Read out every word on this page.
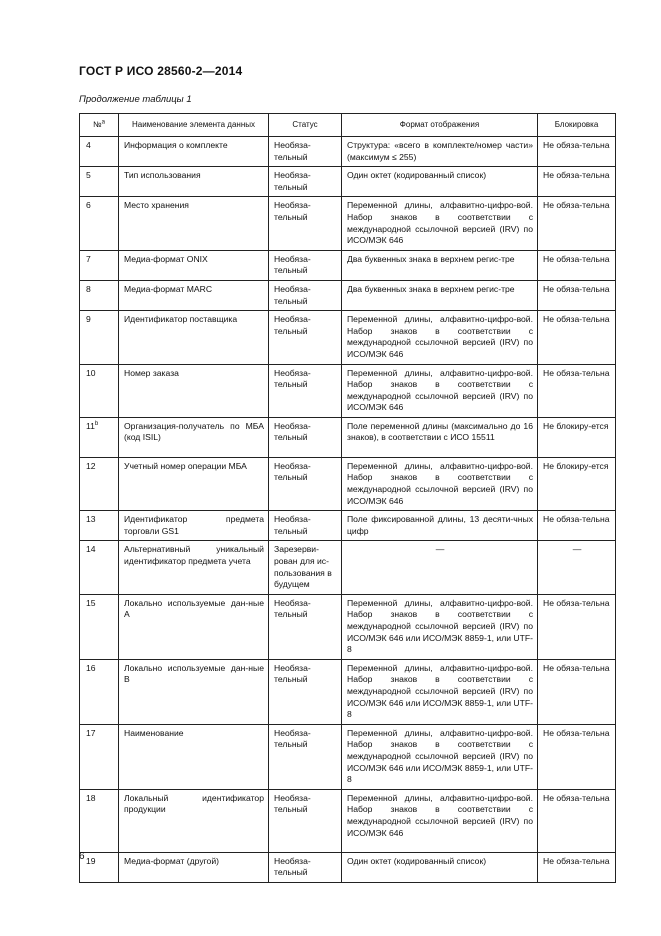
ГОСТ Р ИСО 28560-2—2014
Продолжение таблицы 1
№$^a$	Наименование элемента данных	Статус	Формат отображения	Блокировка
4	Информация о комплекте	Необяза-тельный	Структура: «всего в комплекте/номер части» (максимум ≤ 255)	Не обяза-тельна
5	Тип использования	Необяза-тельный	Один октет (кодированный список)	Не обяза-тельна
6	Место хранения	Необяза-тельный	Переменной длины, алфавитно-цифро-вой. Набор знаков в соответствии с международной ссылочной версией (IRV) по ИСО/МЭК 646	Не обяза-тельна
7	Медиа-формат ONIX	Необяза-тельный	Два буквенных знака в верхнем регис-тре	Не обяза-тельна
8	Медиа-формат MARC	Необяза-тельный	Два буквенных знака в верхнем регис-тре	Не обяза-тельна
9	Идентификатор поставщика	Необяза-тельный	Переменной длины, алфавитно-цифро-вой. Набор знаков в соответствии с международной ссылочной версией (IRV) по ИСО/МЭК 646	Не обяза-тельна
10	Номер заказа	Необяза-тельный	Переменной длины, алфавитно-цифро-вой. Набор знаков в соответствии с международной ссылочной версией (IRV) по ИСО/МЭК 646	Не обяза-тельна
11$^b$	Организация-получатель по МБА (код ISIL)	Необяза-тельный	Поле переменной длины (максимально до 16 знаков), в соответствии с ИСО 15511	Не блокиру-ется
12	Учетный номер операции МБА	Необяза-тельный	Переменной длины, алфавитно-цифро-вой. Набор знаков в соответствии с международной ссылочной версией (IRV) по ИСО/МЭК 646	Не блокиру-ется
13	Идентификатор предмета торговли GS1	Необяза-тельный	Поле фиксированной длины, 13 десяти-чных цифр	Не обяза-тельна
14	Альтернативный уникальный идентификатор предмета учета	Зарезерви-рован для ис-пользования в будущем	—	—
15	Локально используемые дан-ные A	Необяза-тельный	Переменной длины, алфавитно-цифро-вой. Набор знаков в соответствии с международной ссылочной версией (IRV) по ИСО/МЭК 646 или ИСО/МЭК 8859-1, или UTF-8	Не обяза-тельна
16	Локально используемые дан-ные B	Необяза-тельный	Переменной длины, алфавитно-цифро-вой. Набор знаков в соответствии с международной ссылочной версией (IRV) по ИСО/МЭК 646 или ИСО/МЭК 8859-1, или UTF-8	Не обяза-тельна
17	Наименование	Необяза-тельный	Переменной длины, алфавитно-цифро-вой. Набор знаков в соответствии с международной ссылочной версией (IRV) по ИСО/МЭК 646 или ИСО/МЭК 8859-1, или UTF-8	Не обяза-тельна
18	Локальный идентификатор продукции	Необяза-тельный	Переменной длины, алфавитно-цифро-вой. Набор знаков в соответствии с международной ссылочной версией (IRV) по ИСО/МЭК 646	Не обяза-тельна
19	Медиа-формат (другой)	Необяза-тельный	Один октет (кодированный список)	Не обяза-тельна
6
